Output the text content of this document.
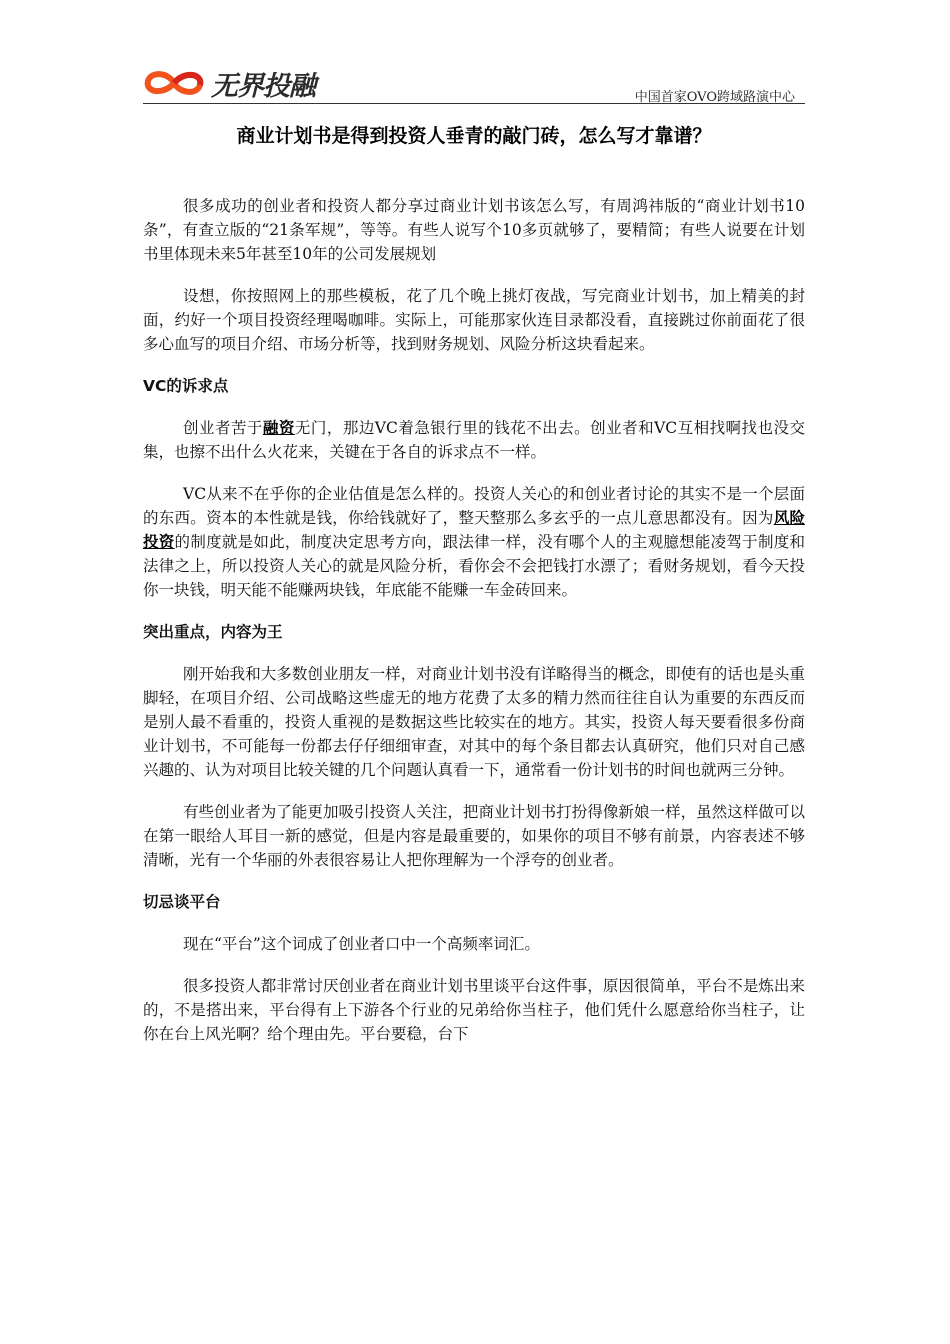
无界投融	中国首家OVO跨域路演中心
商业计划书是得到投资人垂青的敲门砖，怎么写才靠谱？

很多成功的创业者和投资人都分享过商业计划书该怎么写，有周鸿祎版的“商业计划书10条”，有查立版的“21条军规”，等等。有些人说写个10多页就够了，要精简；有些人说要在计划书里体现未来5年甚至10年的公司发展规划

设想，你按照网上的那些模板，花了几个晚上挑灯夜战，写完商业计划书，加上精美的封面，约好一个项目投资经理喝咖啡。实际上，可能那家伙连目录都没看，直接跳过你前面花了很多心血写的项目介绍、市场分析等，找到财务规划、风险分析这块看起来。

VC的诉求点

创业者苦于融资无门，那边VC着急银行里的钱花不出去。创业者和VC互相找啊找也没交集，也擦不出什么火花来，关键在于各自的诉求点不一样。

VC从来不在乎你的企业估值是怎么样的。投资人关心的和创业者讨论的其实不是一个层面的东西。资本的本性就是钱，你给钱就好了，整天整那么多玄乎的一点儿意思都没有。因为风险投资的制度就是如此，制度决定思考方向，跟法律一样，没有哪个人的主观臆想能凌驾于制度和法律之上，所以投资人关心的就是风险分析，看你会不会把钱打水漂了；看财务规划，看今天投你一块钱，明天能不能赚两块钱，年底能不能赚一车金砖回来。

突出重点，内容为王

刚开始我和大多数创业朋友一样，对商业计划书没有详略得当的概念，即使有的话也是头重脚轻，在项目介绍、公司战略这些虚无的地方花费了太多的精力然而往往自认为重要的东西反而是别人最不看重的，投资人重视的是数据这些比较实在的地方。其实，投资人每天要看很多份商业计划书，不可能每一份都去仔仔细细审查，对其中的每个条目都去认真研究，他们只对自己感兴趣的、认为对项目比较关键的几个问题认真看一下，通常看一份计划书的时间也就两三分钟。

有些创业者为了能更加吸引投资人关注，把商业计划书打扮得像新娘一样，虽然这样做可以在第一眼给人耳目一新的感觉，但是内容是最重要的，如果你的项目不够有前景，内容表述不够清晰，光有一个华丽的外表很容易让人把你理解为一个浮夸的创业者。

切忌谈平台

现在“平台”这个词成了创业者口中一个高频率词汇。

很多投资人都非常讨厌创业者在商业计划书里谈平台这件事，原因很简单，平台不是炼出来的，不是搭出来，平台得有上下游各个行业的兄弟给你当柱子，他们凭什么愿意给你当柱子，让你在台上风光啊？给个理由先。平台要稳，台下
